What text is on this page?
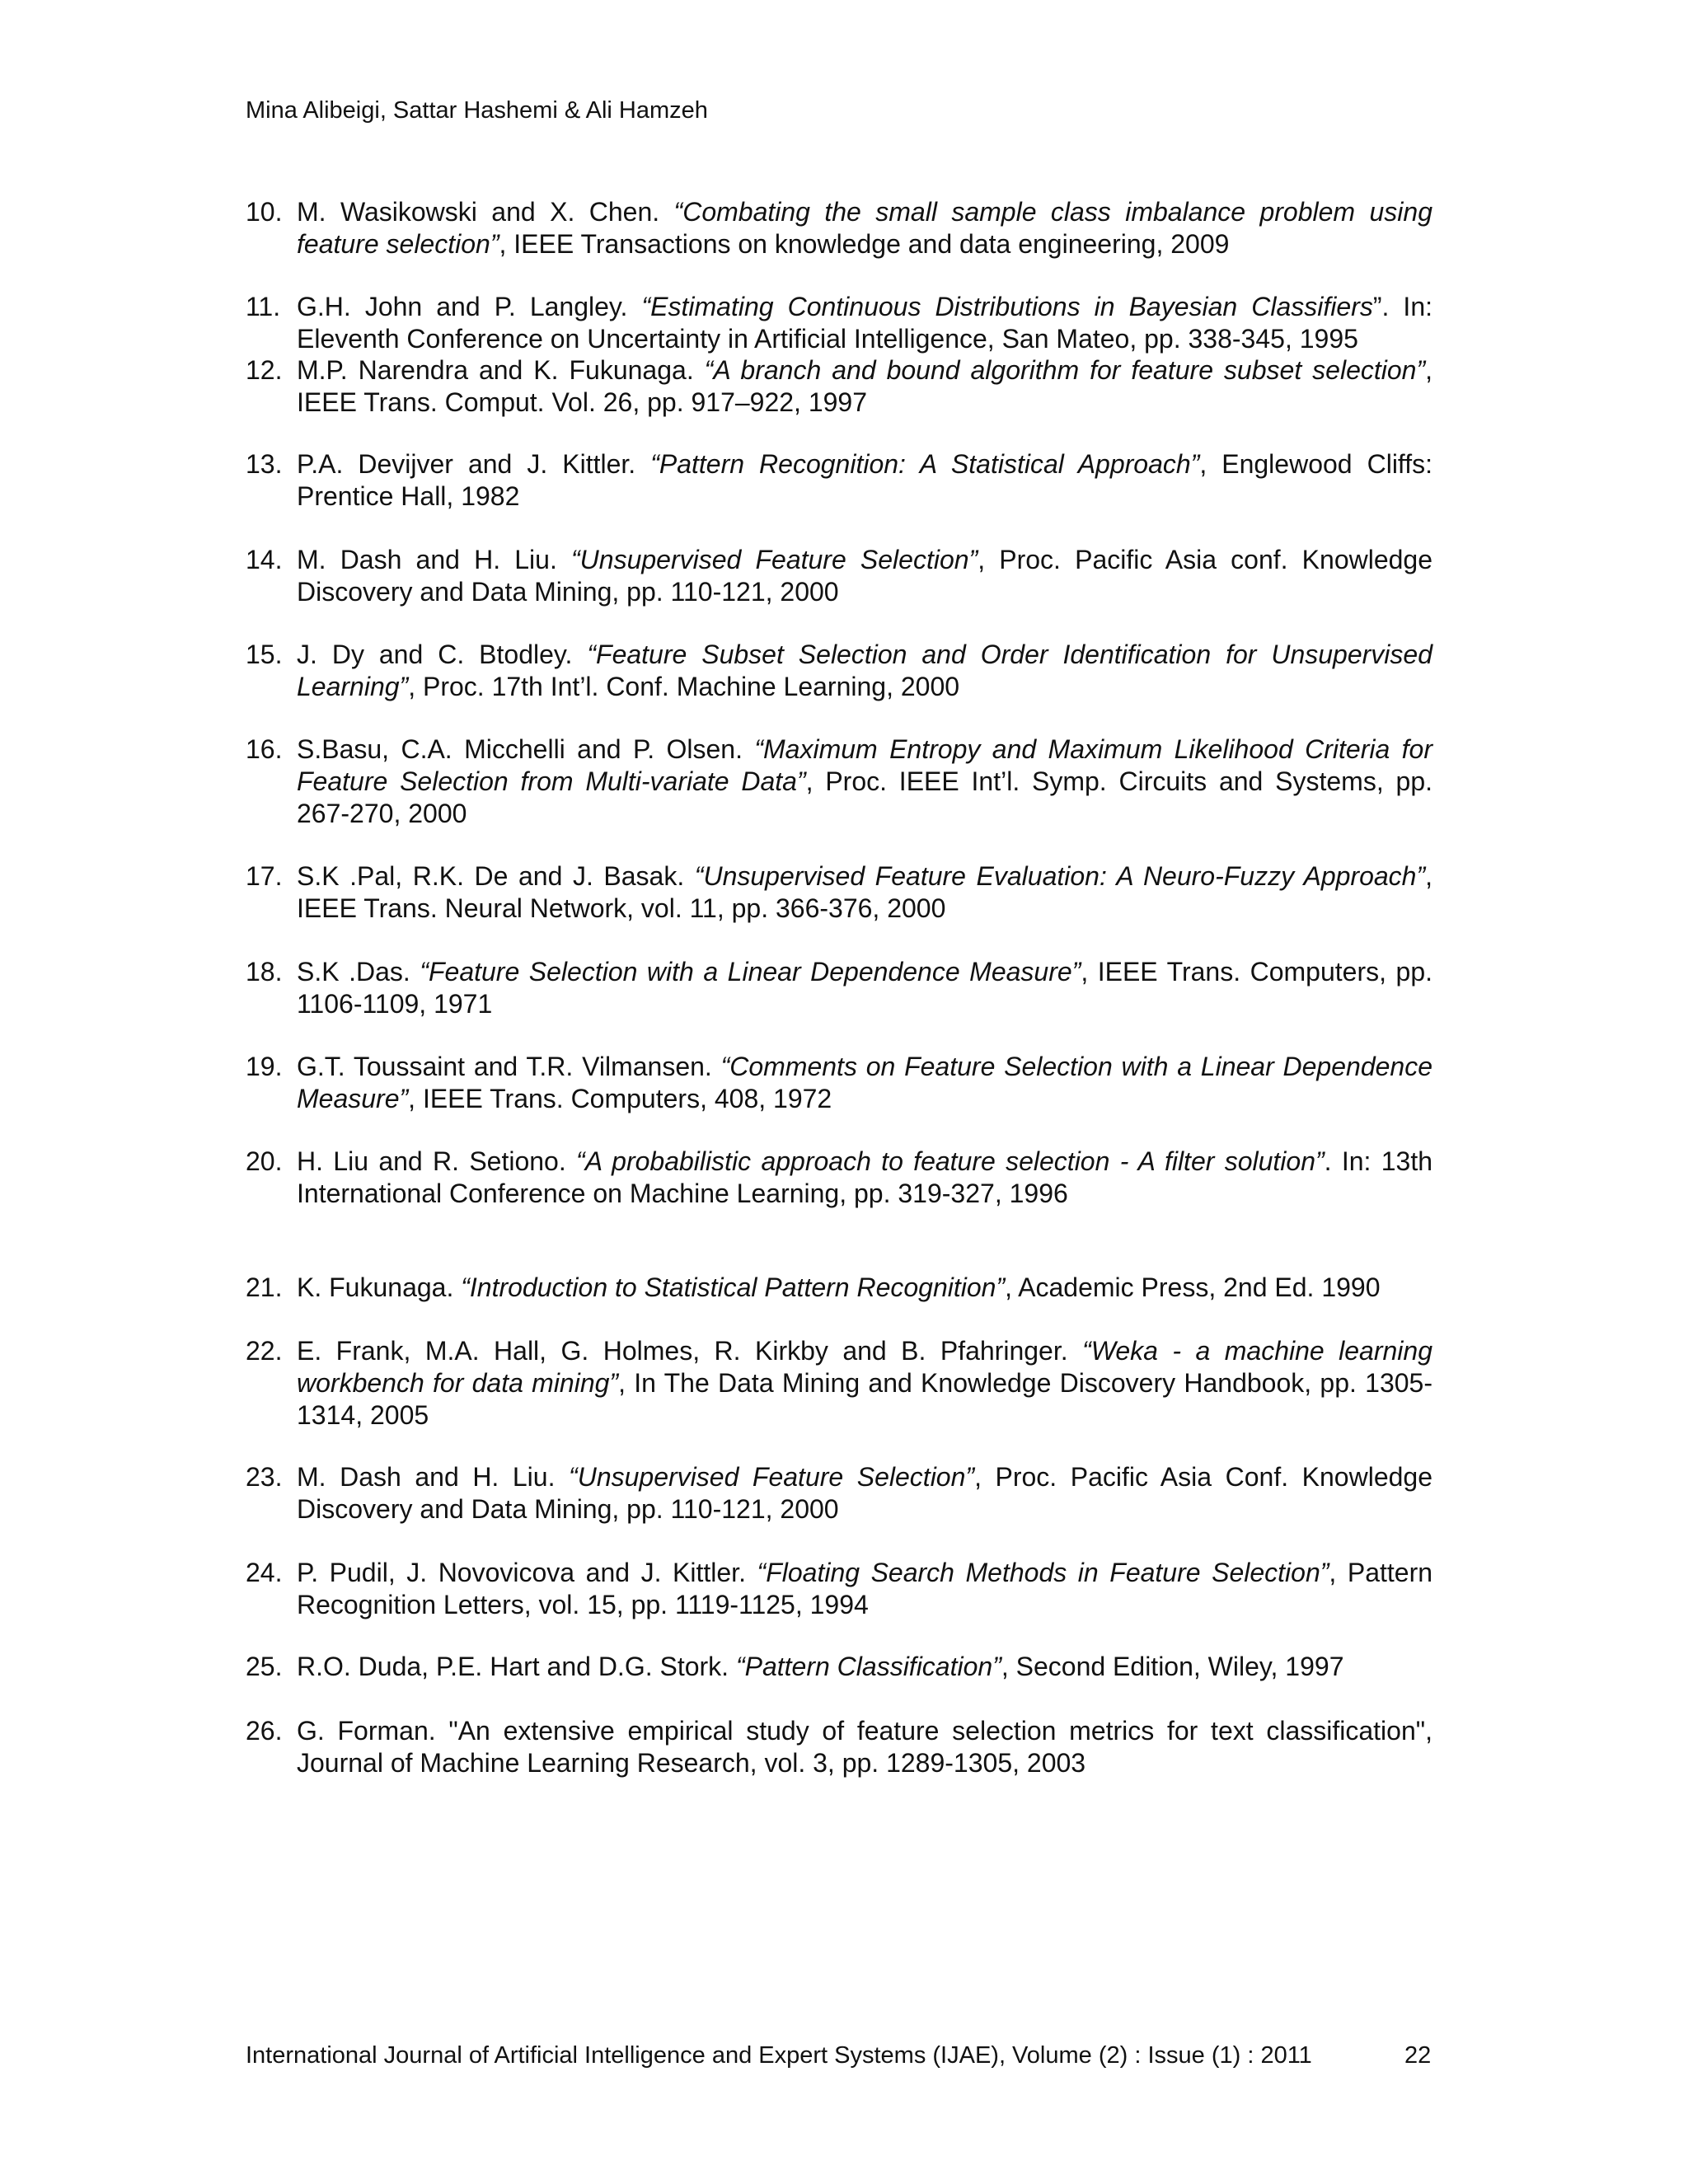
Mina Alibeigi, Sattar Hashemi & Ali Hamzeh
10. M. Wasikowski and X. Chen. “Combating the small sample class imbalance problem using feature selection”, IEEE Transactions on knowledge and data engineering, 2009
11. G.H. John and P. Langley. “Estimating Continuous Distributions in Bayesian Classifiers”. In: Eleventh Conference on Uncertainty in Artificial Intelligence, San Mateo, pp. 338-345, 1995
12. M.P. Narendra and K. Fukunaga. “A branch and bound algorithm for feature subset selection”, IEEE Trans. Comput. Vol. 26, pp. 917–922, 1997
13. P.A. Devijver and J. Kittler. “Pattern Recognition: A Statistical Approach”, Englewood Cliffs: Prentice Hall, 1982
14. M. Dash and H. Liu. “Unsupervised Feature Selection”, Proc. Pacific Asia conf. Knowledge Discovery and Data Mining, pp. 110-121, 2000
15. J. Dy and C. Btodley. “Feature Subset Selection and Order Identification for Unsupervised Learning”, Proc. 17th Int’l. Conf. Machine Learning, 2000
16. S.Basu, C.A. Micchelli and P. Olsen. “Maximum Entropy and Maximum Likelihood Criteria for Feature Selection from Multi-variate Data”, Proc. IEEE Int’l. Symp. Circuits and Systems, pp. 267-270, 2000
17. S.K .Pal, R.K. De and J. Basak. “Unsupervised Feature Evaluation: A Neuro-Fuzzy Approach”, IEEE Trans. Neural Network, vol. 11, pp. 366-376, 2000
18. S.K .Das. “Feature Selection with a Linear Dependence Measure”, IEEE Trans. Computers, pp. 1106-1109, 1971
19. G.T. Toussaint and T.R. Vilmansen. “Comments on Feature Selection with a Linear Dependence Measure”, IEEE Trans. Computers, 408, 1972
20. H. Liu and R. Setiono. “A probabilistic approach to feature selection - A filter solution”. In: 13th International Conference on Machine Learning, pp. 319-327, 1996
21. K. Fukunaga. “Introduction to Statistical Pattern Recognition”, Academic Press, 2nd Ed. 1990
22. E. Frank, M.A. Hall, G. Holmes, R. Kirkby and B. Pfahringer. “Weka - a machine learning workbench for data mining”, In The Data Mining and Knowledge Discovery Handbook, pp. 1305-1314, 2005
23. M. Dash and H. Liu. “Unsupervised Feature Selection”, Proc. Pacific Asia Conf. Knowledge Discovery and Data Mining, pp. 110-121, 2000
24. P. Pudil, J. Novovicova and J. Kittler. “Floating Search Methods in Feature Selection”, Pattern Recognition Letters, vol. 15, pp. 1119-1125, 1994
25. R.O. Duda, P.E. Hart and D.G. Stork. “Pattern Classification”, Second Edition, Wiley, 1997
26. G. Forman. "An extensive empirical study of feature selection metrics for text classification", Journal of Machine Learning Research, vol. 3, pp. 1289-1305, 2003
International Journal of Artificial Intelligence and Expert Systems (IJAE), Volume (2) : Issue (1) : 2011	22
